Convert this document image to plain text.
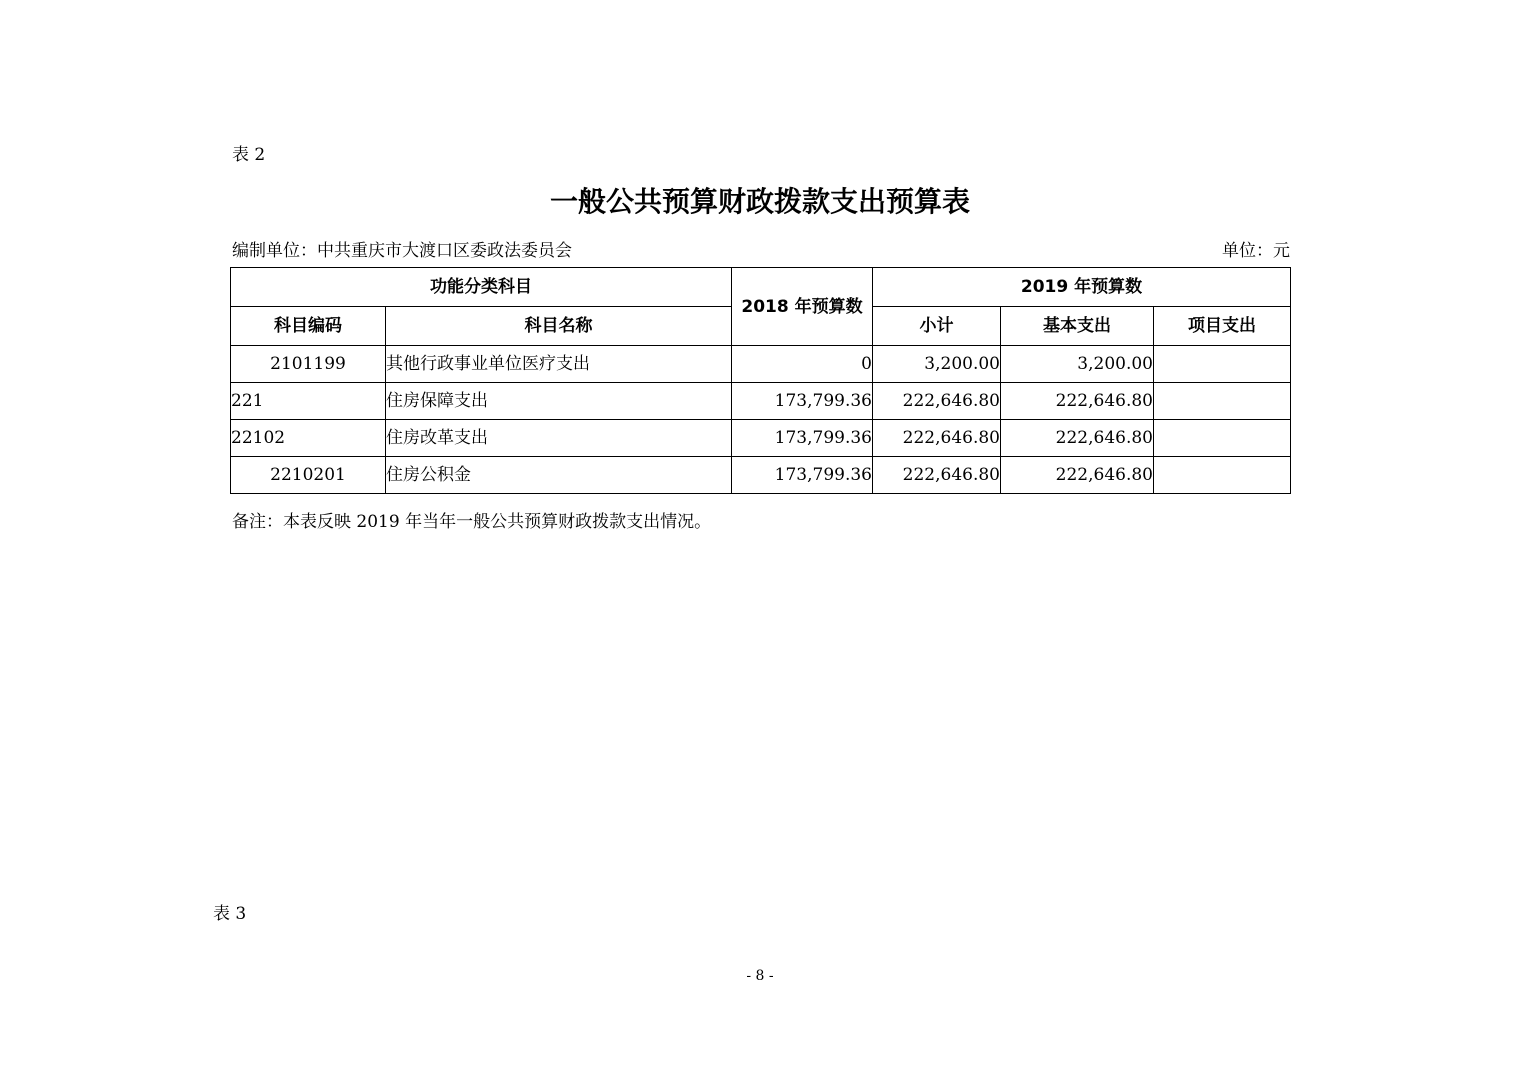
表 2
一般公共预算财政拨款支出预算表
编制单位：中共重庆市大渡口区委政法委员会	单位：元
功能分类科目		2018 年预算数	2019 年预算数		
科目编码	科目名称		小计	基本支出	项目支出
2101199	其他行政事业单位医疗支出	0	3,200.00	3,200.00	
221	住房保障支出	173,799.36	222,646.80	222,646.80	
22102	住房改革支出	173,799.36	222,646.80	222,646.80	
2210201	住房公积金	173,799.36	222,646.80	222,646.80	
备注：本表反映 2019 年当年一般公共预算财政拨款支出情况。
表 3
- 8 -
